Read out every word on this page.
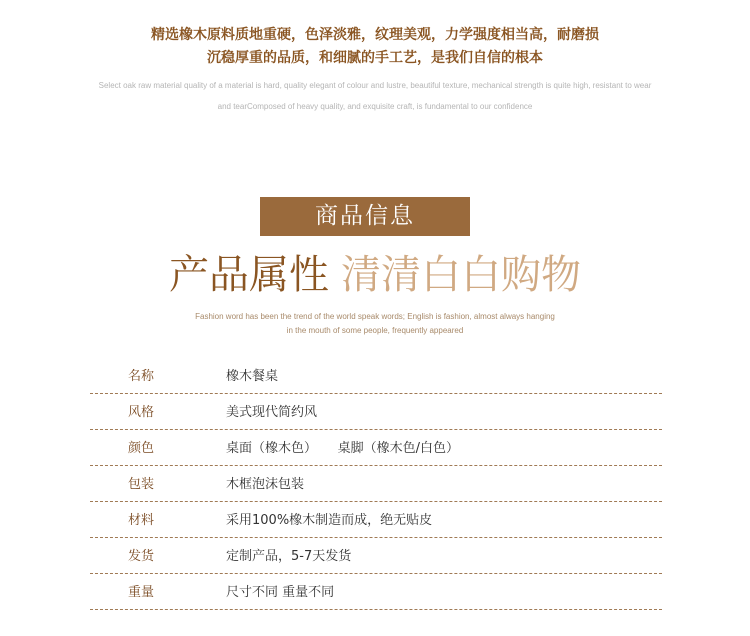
精选橡木原料质地重硬，色泽淡雅，纹理美观，力学强度相当高，耐磨损
沉稳厚重的品质，和细腻的手工艺，是我们自信的根本
Select oak raw material quality of a material is hard, quality elegant of colour and lustre, beautiful texture, mechanical strength is quite high, resistant to wear
and tearComposed of heavy quality, and exquisite craft, is fundamental to our confidence
商品信息
产品属性 清清白白购物
Fashion word has been the trend of the world speak words; English is fashion, almost always hanging
in the mouth of some people, frequently appeared
名称	橡木餐桌
风格	美式现代简约风
颜色	桌面（橡木色）     桌脚（橡木色/白色）
包装	木框泡沫包装
材料	采用100%橡木制造而成，绝无贴皮
发货	定制产品，5-7天发货
重量	尺寸不同 重量不同
